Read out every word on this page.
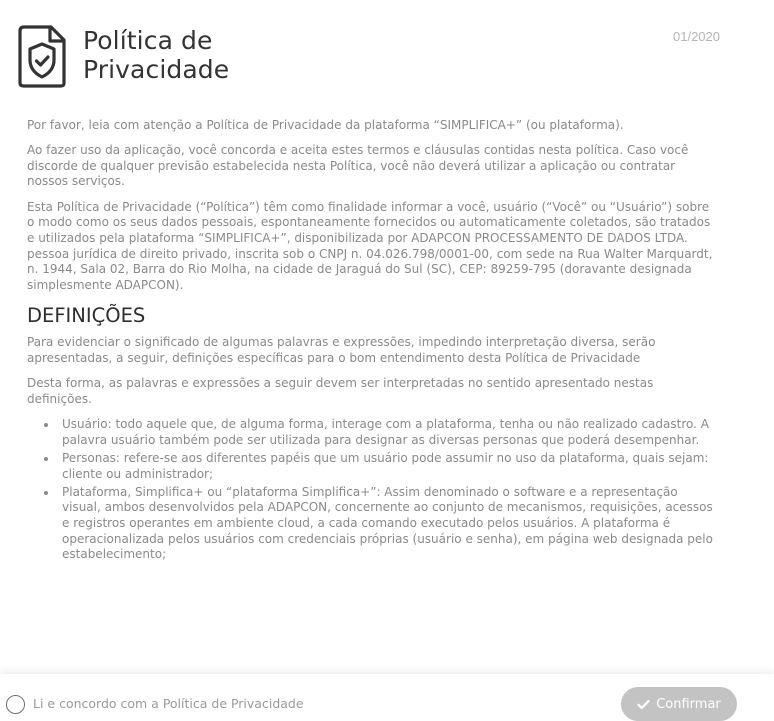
Política de
Privacidade
01/2020

Por favor, leia com atenção a Política de Privacidade da plataforma “SIMPLIFICA+” (ou plataforma).

Ao fazer uso da aplicação, você concorda e aceita estes termos e cláusulas contidas nesta política. Caso você discorde de qualquer previsão estabelecida nesta Política, você não deverá utilizar a aplicação ou contratar nossos serviços.

Esta Política de Privacidade (“Política”) têm como finalidade informar a você, usuário (“Você” ou “Usuário”) sobre o modo como os seus dados pessoais, espontaneamente fornecidos ou automaticamente coletados, são tratados e utilizados pela plataforma “SIMPLIFICA+”, disponibilizada por ADAPCON PROCESSAMENTO DE DADOS LTDA. pessoa jurídica de direito privado, inscrita sob o CNPJ n. 04.026.798/0001-00, com sede na Rua Walter Marquardt, n. 1944, Sala 02, Barra do Rio Molha, na cidade de Jaraguá do Sul (SC), CEP: 89259-795 (doravante designada simplesmente ADAPCON).

DEFINIÇÕES

Para evidenciar o significado de algumas palavras e expressões, impedindo interpretação diversa, serão apresentadas, a seguir, definições específicas para o bom entendimento desta Política de Privacidade

Desta forma, as palavras e expressões a seguir devem ser interpretadas no sentido apresentado nestas definições.

Usuário: todo aquele que, de alguma forma, interage com a plataforma, tenha ou não realizado cadastro. A palavra usuário também pode ser utilizada para designar as diversas personas que poderá desempenhar.
Personas: refere-se aos diferentes papéis que um usuário pode assumir no uso da plataforma, quais sejam: cliente ou administrador;
Plataforma, Simplifica+ ou “plataforma Simplifica+”: Assim denominado o software e a representação visual, ambos desenvolvidos pela ADAPCON, concernente ao conjunto de mecanismos, requisições, acessos e registros operantes em ambiente cloud, a cada comando executado pelos usuários. A plataforma é operacionalizada pelos usuários com credenciais próprias (usuário e senha), em página web designada pelo estabelecimento;
Li e concordo com a Política de Privacidade	Confirmar
